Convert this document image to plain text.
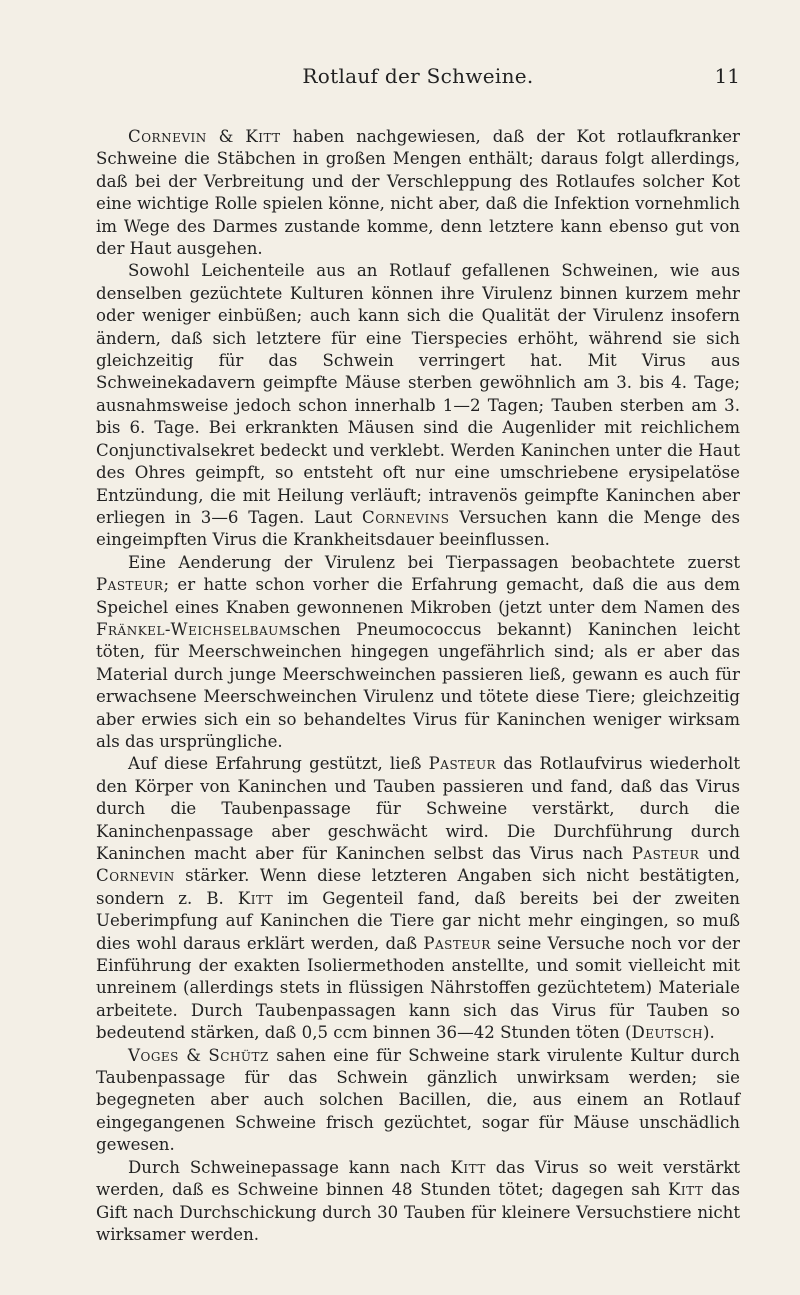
Rotlauf der Schweine.	11

Cornevin & Kitt haben nachgewiesen, daß der Kot rotlaufkranker Schweine die Stäbchen in großen Mengen enthält; daraus folgt allerdings, daß bei der Verbreitung und der Verschleppung des Rotlaufes solcher Kot eine wichtige Rolle spielen könne, nicht aber, daß die Infektion vornehmlich im Wege des Darmes zustande komme, denn letztere kann ebenso gut von der Haut ausgehen.

Sowohl Leichenteile aus an Rotlauf gefallenen Schweinen, wie aus denselben gezüchtete Kulturen können ihre Virulenz binnen kurzem mehr oder weniger einbüßen; auch kann sich die Qualität der Virulenz insofern ändern, daß sich letztere für eine Tierspecies erhöht, während sie sich gleichzeitig für das Schwein verringert hat. Mit Virus aus Schweinekadavern geimpfte Mäuse sterben gewöhnlich am 3. bis 4. Tage; ausnahmsweise jedoch schon innerhalb 1—2 Tagen; Tauben sterben am 3. bis 6. Tage. Bei erkrankten Mäusen sind die Augenlider mit reichlichem Conjunctivalsekret bedeckt und verklebt. Werden Kaninchen unter die Haut des Ohres geimpft, so entsteht oft nur eine umschriebene erysipelatöse Entzündung, die mit Heilung verläuft; intravenös geimpfte Kaninchen aber erliegen in 3—6 Tagen. Laut Cornevins Versuchen kann die Menge des eingeimpften Virus die Krankheitsdauer beeinflussen.

Eine Aenderung der Virulenz bei Tierpassagen beobachtete zuerst Pasteur; er hatte schon vorher die Erfahrung gemacht, daß die aus dem Speichel eines Knaben gewonnenen Mikroben (jetzt unter dem Namen des Fränkel-Weichselbaumschen Pneumococcus bekannt) Kaninchen leicht töten, für Meerschweinchen hingegen ungefährlich sind; als er aber das Material durch junge Meerschweinchen passieren ließ, gewann es auch für erwachsene Meerschweinchen Virulenz und tötete diese Tiere; gleichzeitig aber erwies sich ein so behandeltes Virus für Kaninchen weniger wirksam als das ursprüngliche.

Auf diese Erfahrung gestützt, ließ Pasteur das Rotlaufvirus wiederholt den Körper von Kaninchen und Tauben passieren und fand, daß das Virus durch die Taubenpassage für Schweine verstärkt, durch die Kaninchenpassage aber geschwächt wird. Die Durchführung durch Kaninchen macht aber für Kaninchen selbst das Virus nach Pasteur und Cornevin stärker. Wenn diese letzteren Angaben sich nicht bestätigten, sondern z. B. Kitt im Gegenteil fand, daß bereits bei der zweiten Ueberimpfung auf Kaninchen die Tiere gar nicht mehr eingingen, so muß dies wohl daraus erklärt werden, daß Pasteur seine Versuche noch vor der Einführung der exakten Isoliermethoden anstellte, und somit vielleicht mit unreinem (allerdings stets in flüssigen Nährstoffen gezüchtetem) Materiale arbeitete. Durch Taubenpassagen kann sich das Virus für Tauben so bedeutend stärken, daß 0,5 ccm binnen 36—42 Stunden töten (Deutsch).

Voges & Schütz sahen eine für Schweine stark virulente Kultur durch Taubenpassage für das Schwein gänzlich unwirksam werden; sie begegneten aber auch solchen Bacillen, die, aus einem an Rotlauf eingegangenen Schweine frisch gezüchtet, sogar für Mäuse unschädlich gewesen.

Durch Schweinepassage kann nach Kitt das Virus so weit verstärkt werden, daß es Schweine binnen 48 Stunden tötet; dagegen sah Kitt das Gift nach Durchschickung durch 30 Tauben für kleinere Versuchstiere nicht wirksamer werden.
